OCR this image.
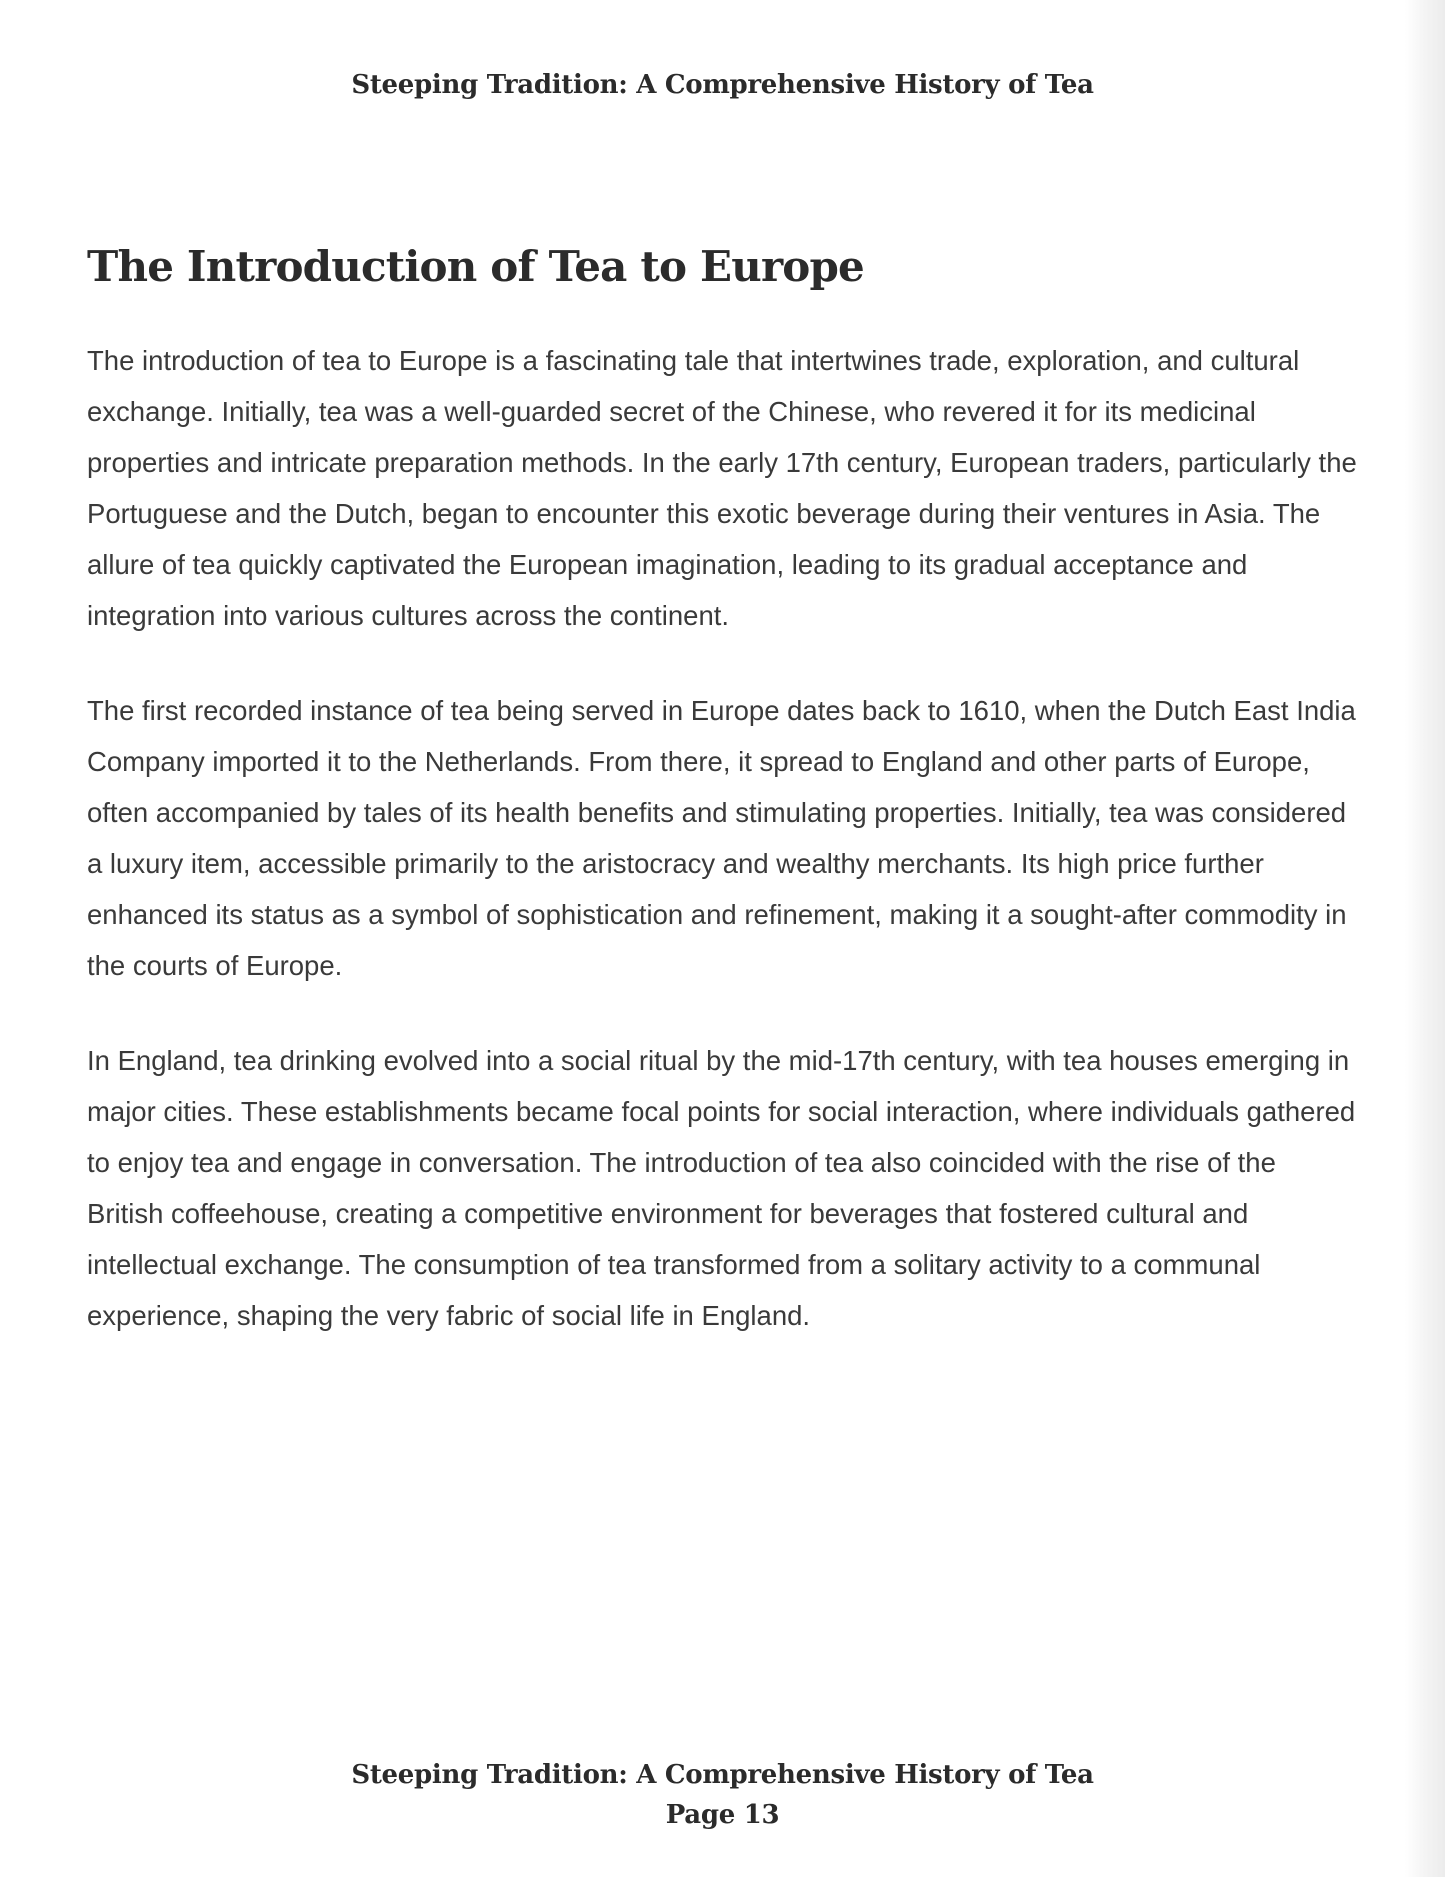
Steeping Tradition: A Comprehensive History of Tea
The Introduction of Tea to Europe

The introduction of tea to Europe is a fascinating tale that intertwines trade, exploration, and cultural exchange. Initially, tea was a well-guarded secret of the Chinese, who revered it for its medicinal properties and intricate preparation methods. In the early 17th century, European traders, particularly the Portuguese and the Dutch, began to encounter this exotic beverage during their ventures in Asia. The allure of tea quickly captivated the European imagination, leading to its gradual acceptance and integration into various cultures across the continent.

The first recorded instance of tea being served in Europe dates back to 1610, when the Dutch East India Company imported it to the Netherlands. From there, it spread to England and other parts of Europe, often accompanied by tales of its health benefits and stimulating properties. Initially, tea was considered a luxury item, accessible primarily to the aristocracy and wealthy merchants. Its high price further enhanced its status as a symbol of sophistication and refinement, making it a sought-after commodity in the courts of Europe.

In England, tea drinking evolved into a social ritual by the mid-17th century, with tea houses emerging in major cities. These establishments became focal points for social interaction, where individuals gathered to enjoy tea and engage in conversation. The introduction of tea also coincided with the rise of the British coffeehouse, creating a competitive environment for beverages that fostered cultural and intellectual exchange. The consumption of tea transformed from a solitary activity to a communal experience, shaping the very fabric of social life in England.

Steeping Tradition: A Comprehensive History of Tea
Page 13
